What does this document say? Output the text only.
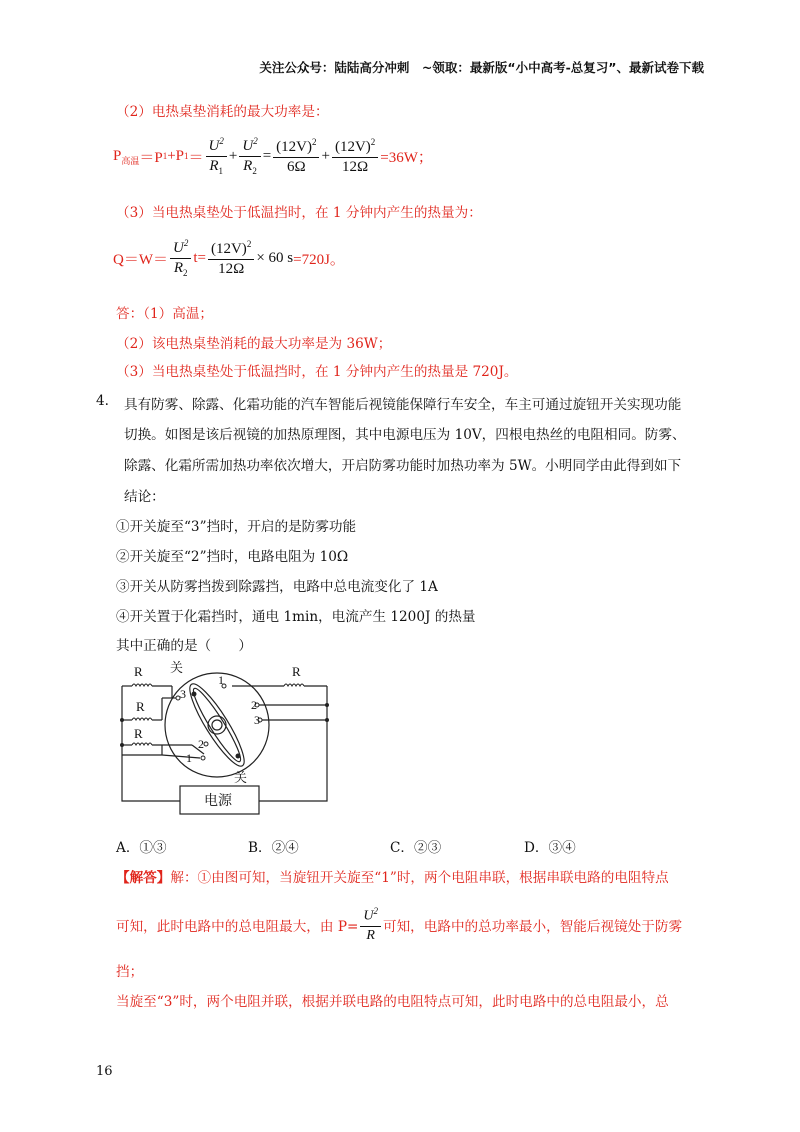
关注公众号：陆陆高分冲刺　~领取：最新版“小中高考-总复习”、最新试卷下载
（2）电热桌垫消耗的最大功率是：
P 高温 ＝P 1 +P $1 = \frac{U^2}{R_1} + \frac{U^2}{R_2} = \frac{(12V)^2}{6\Omega} + \frac{(12V)^2}{12\Omega} =36W$；
（3）当电热桌垫处于低温挡时，在 1 分钟内产生的热量为：
$Q=W= \frac{U^2}{R_2} t= \frac{(12V)^2}{12\Omega} \times 60$ s =720J。
答：（1）高温；
（2）该电热桌垫消耗的最大功率是为 36W；
（3）当电热桌垫处于低温挡时，在 1 分钟内产生的热量是 720J。
4. 具有防雾、除露、化霜功能的汽车智能后视镜能保障行车安全，车主可通过旋钮开关实现功能
切换。如图是该后视镜的加热原理图，其中电源电压为 10V，四根电热丝的电阻相同。防雾、
除露、化霜所需加热功率依次增大，开启防雾功能时加热功率为 5W。小明同学由此得到如下
结论：
①开关旋至“3”挡时，开启的是防雾功能
②开关旋至“2”挡时，电路电阻为 10Ω
③开关从防雾挡拨到除露挡，电路中总电流变化了 1A
④开关置于化霜挡时，通电 1min，电流产生 1200J 的热量
其中正确的是（　　）
R
R
R
R
关
关
1
3
2
3
2
1
电源
A．①③	B．②④	C．②③	D．③④
【解答】解：①由图可知，当旋钮开关旋至“1”时，两个电阻串联，根据串联电路的电阻特点
可知，此时电路中的总电阻最大，由 $P= \frac{U^2}{R}$ 可知，电路中的总功率最小，智能后视镜处于防雾
挡；
当旋至“3”时，两个电阻并联，根据并联电路的电阻特点可知，此时电路中的总电阻最小，总
16
